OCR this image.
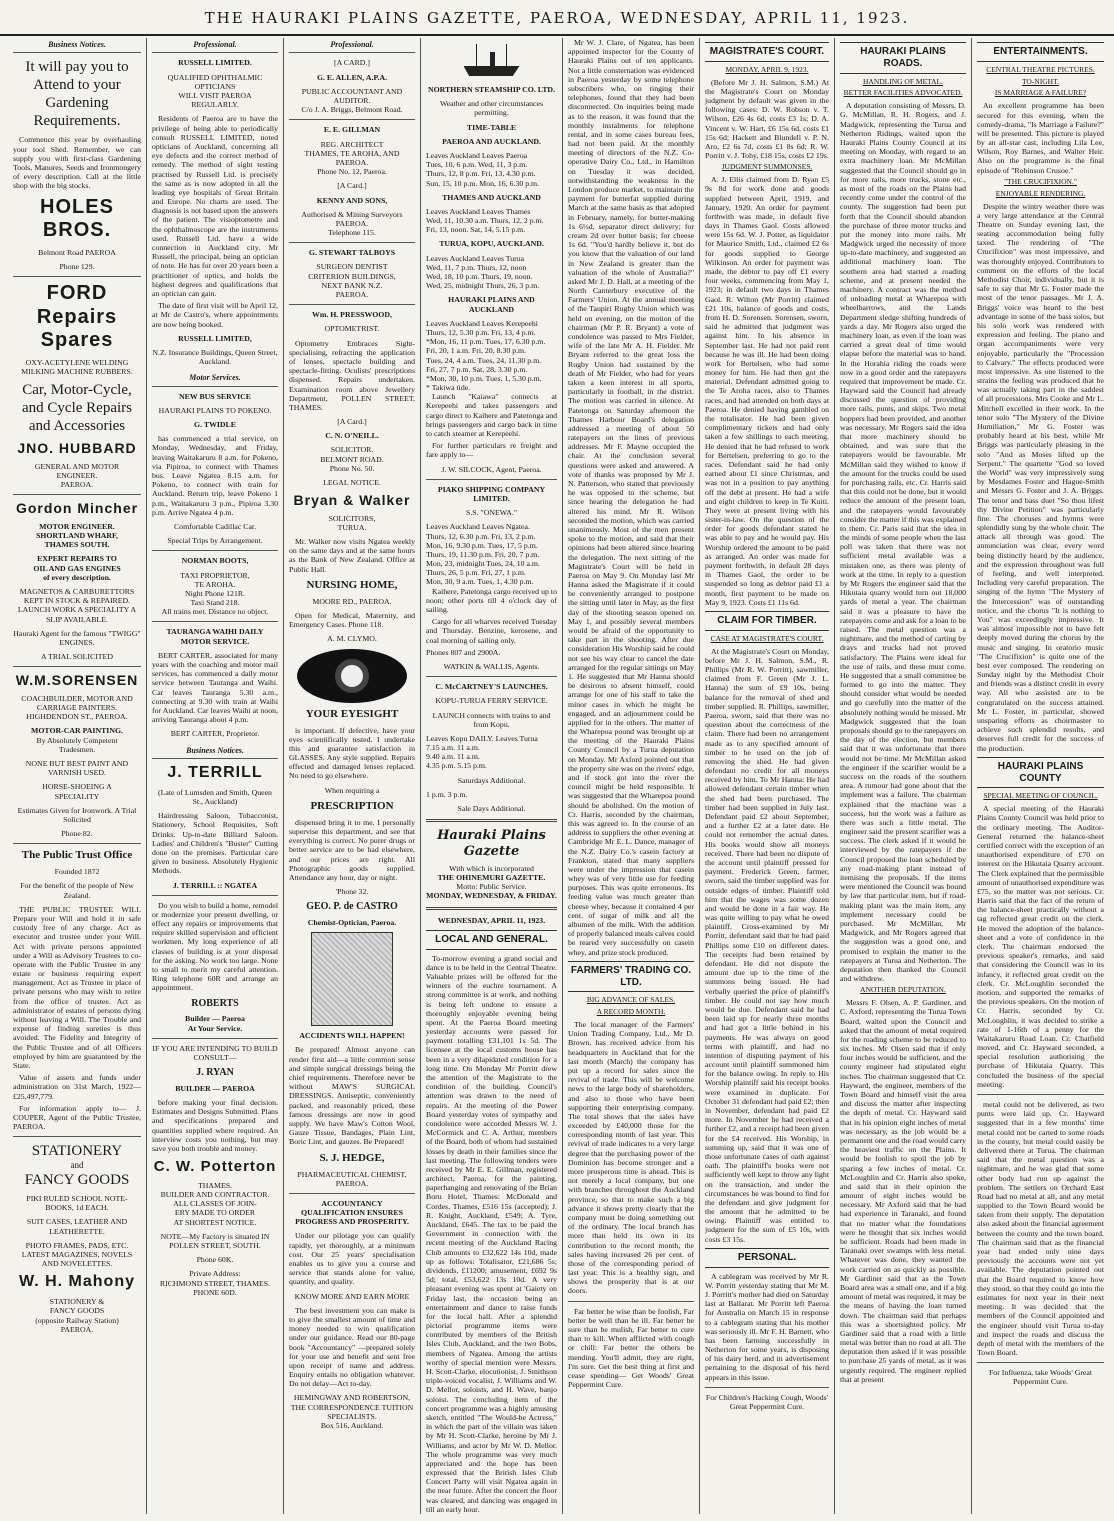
THE HAURAKI PLAINS GAZETTE, PAEROA, WEDNESDAY, APRIL 11, 1923.
Business Notices.
It will pay you to
Attend to your
Gardening
Requirements.

Commence this year by overhauling your tool Shed. Remember, we can supply you with first-class Gardening Tools, Manures, Seeds and Ironmongery of every description. Call at the little shop with the big stocks.

HOLES BROS.
Belmont Road PAEROA
Phone 129.
FORD Repairs Spares
OXY-ACETYLENE WELDING
MILKING MACHINE RUBBERS.
Car, Motor-Cycle,
and Cycle Repairs
and Accessories
JNO. HUBBARD
GENERAL AND MOTOR
ENGINEER.
PAEROA.
Gordon Mincher
MOTOR ENGINEER.
SHORTLAND WHARF,
THAMES SOUTH.
EXPERT REPAIRS TO
OIL AND GAS ENGINES
of every description.
MAGNETOS & CARBURETTORS KEPT IN STOCK & REPAIRED. LAUNCH WORK A SPECIALITY A SLIP AVAILABLE.
Hauraki Agent for the famous "TWIGG" ENGINES.
A TRIAL SOLICITED
W.M.SORENSEN
COACHBUILDER, MOTOR AND
CARRIAGE PAINTERS.
HIGHDENDON ST., PAEROA.
MOTOR-CAR PAINTING.
By Absolutely Competent
Tradesmen.
NONE BUT BEST PAINT AND
VARNISH USED.
HORSE-SHOEING A
SPECIALITY
Estimates Given for Ironwork. A Trial Solicited
Phone 82.
The Public Trust Office
Founded 1872
For the benefit of the people of New Zealand.

THE PUBLIC TRUSTEE WILL Prepare your Will and hold it in safe custody free of any charge. Act as executor and trustee under your Will. Act with private persons appointed under a Will as Advisory Trustees to co-operate with the Public Trustee in any estate or business requiring expert management. Act as Trustee in place of private persons who may wish to retire from the office of trustee. Act as administrator of estates of persons dying without leaving a Will. The Trouble and expense of finding sureties is thus avoided. The Fidelity and Integrity of the Public Trustee and of all Officers employed by him are guaranteed by the State.

Value of assets and funds under administration on 31st March, 1922— £25,497,779.

For information apply to— J. COUPER, Agent of the Public Trustee, PAEROA.

STATIONERY
and
FANCY GOODS
PIKI RULED SCHOOL NOTE-
BOOKS, 1d EACH.
SUIT CASES, LEATHER AND
LEATHERETTE.
PHOTO FRAMES, PADS, ETC.
LATEST MAGAZINES, NOVELS
AND NOVELETTES.
W. H. Mahony
STATIONERY &
FANCY GOODS
(opposite Railway Station)
PAEROA.
Professional.
RUSSELL LIMITED.
QUALIFIED OPHTHALMIC
OPTICIANS
WILL VISIT PAEROA
REGULARLY.

Residents of Paeroa are to have the privilege of being able to periodically consult RUSSELL LIMITED, noted opticians of Auckland, concerning all eye defects and the correct method of remedy. The method of sight testing practised by Russell Ltd. is precisely the same as is now adopted in all the leading eye hospitals of Great Britain and Europe. No charts are used. The diagnosis is not based upon the answers of the patient. The visioptometre and the ophthalmoscope are the instruments used. Russell Ltd. have a wide connection in Auckland city. Mr Russell, the principal, being an optician of note. He has for over 20 years been a practitioner of optics, and holds the highest degrees and qualifications that an optician can gain.

The date of first visit will be April 12, at Mr de Castro's, where appointments are now being booked.

RUSSELL LIMITED,
N.Z. Insurance Buildings, Queen Street, Auckland.
Motor Services.
NEW BUS SERVICE
HAURAKI PLAINS TO POKENO.
G. TWIDLE

has commenced a trial service, on Monday, Wednesday, and Friday, leaving Waitakaruru 8 a.m. for Pokeno, via Pipiroa, to connect with Thames bus. Leave Ngatea 8.15 a.m. for Pokeno, to connect with train for Auckland. Return trip, leave Pokeno 1 p.m., Waitakaruru 3 p.m., Pipiroa 3.30 p.m. Arrive Ngatea 4 p.m.

Comfortable Cadillac Car.
Special Trips by Arrangement.
NORMAN BOOTS,
TAXI PROPRIETOR,
TE AROHA.
Night Phone 121R.
Taxi Stand 218.
All trains met. Distance no object.
TAURANGA WAIHI DAILY MOTOR SERVICE.

BERT CARTER, associated for many years with the coaching and motor mail services, has commenced a daily motor service between Tauranga and Waihi. Car leaves Tauranga 5.30 a.m., connecting at 9.30 with train at Waihi for Auckland. Car leaves Waihi at noon, arriving Tauranga about 4 p.m.

BERT CARTER, Proprietor.
Business Notices.
J. TERRILL
(Late of Lumsden and Smith, Queen St., Auckland)

Hairdressing Saloon, Tobacconist, Stationery, School Requisites, Soft Drinks. Up-to-date Billiard Saloon. Ladies' and Children's "Buster" Cutting done on the premises. Particular care given to business. Absolutely Hygienic Methods.

J. TERRILL :: NGATEA

Do you wish to build a home, remodel or modernize your present dwelling, or effect any repairs or improvements that require skilled supervision and efficient workmen. My long experience of all classes of building is at your disposal for the asking. No work too large. None to small to merit my careful attention. Ring telephone 60R and arrange an appointment.

ROBERTS
Builder — Paeroa
At Your Service.
IF YOU ARE INTENDING TO BUILD CONSULT—
J. RYAN
BUILDER — PAEROA

before making your final decision. Estimates and Designs Submitted. Plans and specifications prepared and quantities supplied where required. An interview costs you nothing, but may save you both trouble and money.

C. W. Potterton
THAMES.
BUILDER AND CONTRACTOR.
ALL CLASSES OF JOIN-
ERY MADE TO ORDER
AT SHORTEST NOTICE.
NOTE—My Factory is situated IN POLLEN STREET, SOUTH.
Phone 60K.
Private Address:
RICHMOND STREET, THAMES.
PHONE 60D.
Professional.
[A CARD.]
G. E. ALLEN, A.P.A.
PUBLIC ACCOUNTANT AND
AUDITOR.
C/o J. A. Briggs, Belmont Road.
E. E. GILLMAN
REG. ARCHITECT
THAMES, TE AROHA, AND
PAEROA.
Phone No. 12, Paeroa.
[A Card.]
KENNY AND SONS,
Authorised & Mining Surveyors
PAEROA.
Telephone 115.
G. STEWART TALBOYS
SURGEON DENTIST
CRITERION BUILDINGS,
NEXT BANK N.Z.
PAEROA.
Wm. H. PRESSWOOD,
OPTOMETRIST.

Optometry Embraces Sight-specialising, refracting the application of lenses, spectacle building and spectacle-fitting. Oculists' prescriptions dispensed. Repairs undertaken. Examination room above Jewellery Department, POLLEN STREET, THAMES.

[A Card.]
C. N. O'NEILL.
SOLICITOR.
BELMONT ROAD.
Phone No. 50.
LEGAL NOTICE.
Bryan & Walker
SOLICITORS,
TURUA.

Mr. Walker now visits Ngatea weekly on the same days and at the same hours as the Bank of New Zealand. Office at Public Hall.

NURSING HOME,
MOORE RD., PAEROA.

Open for Medical, Maternity, and Emergency Cases. Phone 118.

A. M. CLYMO.
YOUR EYESIGHT

is important. If defective, have your eyes scientifically tested. I undertake this and guarantee satisfaction in GLASSES. Any style supplied. Repairs effected and damaged lenses replaced. No need to go elsewhere.

When requiring a
PRESCRIPTION

dispensed bring it to me. I personally supervise this department, and see that everything is correct. No purer drugs or better service are to be had elsewhere, and our prices are right. All Photographic goods supplied. Attendance any hour, day or night.

'Phone 32.
GEO. P. de CASTRO
Chemist-Optician, Paeroa.
ACCIDENTS WILL HAPPEN!

Be prepared! Almost anyone can render first aid—a little common sense and simple surgical dressings being the chief requirements. Therefore never be without MAW'S SURGICAL DRESSINGS. Antiseptic, conveniently packed, and reasonably priced, these famous dressings are now in good supply. We have Maw's Cotton Wool, Gauze Tissue, Bandages, Plain Lint, Boric Lint, and gauzes. Be Prepared!

S. J. HEDGE,
PHARMACEUTICAL CHEMIST,
PAEROA.
ACCOUNTANCY QUALIFICATION ENSURES PROGRESS AND PROSPERITY.

Under our pilotage you can qualify rapidly, yet thoroughly, at a minimum cost. Our 25 years' specialisation enables us to give you a course and service that stands alone for value, quantity, and quality.

KNOW MORE AND EARN MORE

The best investment you can make is to give the smallest amount of time and money needed to win qualification under our guidance. Read our 80-page book "Accountancy" —prepared solely for your use and benefit and sent free upon receipt of name and address. Enquiry entails no obligation whatever. Do not delay—Act to-day.

HEMINGWAY AND ROBERTSON,
THE CORRESPONDENCE TUITION
SPECIALISTS.
Box 516, Auckland.
NORTHERN STEAMSHIP CO. LTD.
Weather and other circumstances permitting.
TIME-TABLE
PAEROA AND AUCKLAND.
Leaves Auckland Leaves Paeroa
Tues, 10, 6 p.m. Wed, 11, 3 p.m.
Thurs, 12, 8 p.m. Fri, 13, 4.30 p.m.
Sun, 15, 10 p.m. Mon, 16, 6.30 p.m.
THAMES AND AUCKLAND
Leaves Auckland Leaves Thames
Wed, 11, 10.30 a.m. Thurs, 12, 2 p.m.
Fri, 13, noon. Sat, 14, 5.15 p.m.
TURUA, KOPU, AUCKLAND.
Leaves Auckland Leaves Turua
Wed, 11, 7 p.m. Thurs, 12, noon
Wed, 18, 10 p.m. Thurs, 19, noon.
Wed, 25, midnight Thurs, 26, 3 p.m.
HAURAKI PLAINS AND AUCKLAND
Leaves Auckland Leaves Kerepeehi
Thurs, 12, 5.30 p.m. Fri, 13, 4 p.m.
*Mon, 16, 11 p.m. Tues, 17, 6.30 p.m.
Fri, 20, 1 a.m. Fri, 20, 8.30 p.m.
Tues, 24, 4 a.m. Tues, 24, 11.30 p.m.
Fri, 27, 7 p.m. Sat, 28, 3.30 p.m.
*Mon, 30, 10 p.m. Tues, 1, 5.30 p.m.
* Takiwa tide.

Launch "Kaiawa" connects at Kerepeehi and takes passengers and cargo direct to Kaihere and Patetonga and brings passengers and cargo back in time to catch steamer at Kerepeehi.

For further particulars re freight and fare apply to—

J. W. SILCOCK, Agent, Paeroa.
PIAKO SHIPPING COMPANY LIMITED.
S.S. "ONEWA."
Leaves Auckland Leaves Ngatea.
Thurs, 12, 6.30 p.m. Fri, 13, 2 p.m.
Mon, 16, 9.30 p.m. Tues, 17, 5 p.m.
Thurs, 19, 11.30 p.m. Fri, 20, 7 p.m.
Mon, 23, midnight Tues, 24, 10 a.m.
Thurs, 26, 5 p.m. Fri, 27, 1 p.m.
Mon, 30, 9 a.m. Tues, 1, 4.30 p.m.

Kaihere, Patetonga cargo received up to noon; other ports till 4 o'clock day of sailing.

Cargo for all wharves received Tuesday and Thursday. Benzine, kerosene, and coal morning of sailing only.

Phones 807 and 2900A.
WATKIN & WALLIS, Agents.
C. McCARTNEY'S LAUNCHES.
KOPU-TURUA FERRY SERVICE.
LAUNCH connects with trains to and from Kopu.
Leaves Kopu DAILY. Leaves Turua
7.15 a.m. 11 a.m.
9.40 a.m. 11 a.m.
4.35 p.m. 5.15 p.m.
Saturdays Additional.
1 p.m. 3 p.m.
Sale Days Additional.
Hauraki Plains Gazette
With which is incorporated
THE OHINEMURI GAZETTE.
Motto: Public Service.
MONDAY, WEDNESDAY, & FRIDAY.
WEDNESDAY, APRIL 11, 1923.
LOCAL AND GENERAL.

To-morrow evening a grand social and dance is to be held in the Central Theatre. Valuable prizes will be offered for the winners of the euchre tournament. A strong committee is at work, and nothing is being left undone to ensure a thoroughly enjoyable evening being spent. At the Paeroa Board meeting yesterday accounts were passed for payment totalling £31,101 1s 5d. The licensee at the local customs house has been in a very dilapidated condition for a long time. On Monday Mr Porritt drew the attention of the Magistrate to the condition of the building. Council's attention was drawn to the need of repairs. At the meeting of the Power Board yesterday votes of sympathy and condolence were accorded Messrs W. J. McCormick and C. A. Arthur, members of the Board, both of whom had sustained losses by death in their families since the last meeting. The following tenders were received by Mr E. E. Gillman, registered architect, Paeroa, for the painting, paperhanging and renovating of the Brian Boru Hotel, Thames: McDonald and Cordes, Thames, £516 15s (accepted); J. R. Knight, Auckland, £549; A. Tyre, Auckland, £645. The tax to be paid the Government in connection with the recent meeting of the Auckland Racing Club amounts to £32,622 14s 10d, made up as follows: Totalisator, £21,686 5s; dividends, £11200; amusement, £692 9s 5d; total, £53,622 13s 10d. A very pleasant evening was spent at 'Gaiety on Friday last, the occasion being an entertainment and dance to raise funds for the local hall. After a splendid pictorial programme items were contributed by members of the British Isles Club, Auckland, and the two Bobs, members of Ngatea. Among the artists worthy of special mention were Messrs. H. Scott-Clarke, elocutionist, J. Smithson triple-voiced vocalist, J. Williams and W. D. Mellor, soloists, and H. Wave, banjo soloist. The concluding item of the concert programme was a highly amusing sketch, entitled "The Would-be Actress," in which the part of the villain was taken by Mr H. Scott-Clarke, heroine by Mr J. Williams, and actor by Mr W. D. Mellor. The whole programme was very much appreciated and the hope has been expressed that the British Isles Club Concert Party will visit Ngatea again in the near future. After the concert the floor was cleared, and dancing was engaged in till an early hour.

Mr W. J. Clare, of Ngatea, has been appointed inspector for the County of Hauraki Plains out of ten applicants. Not a little consternation was evidenced in Paeroa yesterday by some telephone subscribers who, on ringing their telephones, found that they had been disconnected. On inquiries being made as to the reason, it was found that the monthly instalments for telephone rental, and in some cases bureau fees, had not been paid. At the monthly meeting of directors of the N.Z. Co-operative Dairy Co., Ltd., in Hamilton on Tuesday it was decided, notwithstanding the weakness in the London produce market, to maintain the payment for butterfat supplied during March at the same basis as that adopted in February, namely, for butter-making 1s 6½d, separator direct delivery; for cream 2d over butter basis; for cheese 1s 6d. "You'd hardly believe it, but do you know that the valuation of our land in New Zealand is greater than the valuation of the whole of Australia?" asked Mr J. D. Hall, at a meeting of the North Canterbury executive of the Farmers' Union. At the annual meeting of the Taupiri Rugby Union which was held on evening, on the motion of the chairman (Mr P. R. Bryant) a vote of condolence was passed to Mrs Fielder, wife of the late Mr A. H. Fielder. Mr Bryant referred to the great loss the Rugby Union had sustained by the death of Mr Fielder, who had for years taken a keen interest in all sports, particularly in football, in the district. The motion was carried in silence. At Patetonga on Saturday afternoon the Thames Harbour Board's delegation addressed a meeting of about 50 ratepayers on the lines of previous addresses. Mr F. Mayne occupied the chair. At the conclusion several questions were asked and answered. A vote of thanks was proposed by Mr J. N. Patterson, who stated that previously he was opposed to the scheme, but since hearing the delegation he had altered his mind. Mr R. Wilson seconded the motion, which was carried unanimously. Most of the men present spoke to the motion, and said that their opinions had been altered since hearing the delegation. The next sitting of the Magistrate's Court will be held in Paeroa on May 9. On Monday last Mr Hanna asked the Magistrate if it could be conveniently arranged to postpone the sitting until later in May, as the first day of the shooting season opened on May 1, and possibly several members would be afraid of the opportunity to take part in the shooting. After due consideration His Worship said he could not see his way clear to cancel the date arranged for the regular sittings on May 1. He suggested that Mr Hanna should be desirous to absent himself, could arrange for one of his staff to take the minor cases in which he might be engaged, and an adjournment could be applied for in the others. The matter of the Wharepoa pound was brought up at the meeting of the Hauraki Plains County Council by a Turua deputation on Monday. Mr Axford pointed out that the property site was on the rivers' edge, and if stock got into the river the council might be held responsible. It was suggested that the Wharepoa pound should be abolished. On the motion of Cr. Harris, seconded by the chairman, this was agreed to. In the course of an address to suppliers the other evening at Cambridge Mr E. L. Dance, manager of the N.Z. Dairy Co.'s casein factory at Frankton, stated that many suppliers were under the impression that casein whey was of very little use for feeding purposes. This was quite erroneous. Its feeding value was much greater than cheese whey, because it contained 4 per cent. of sugar of milk and all the albumen of the milk. With the addition of properly balanced meals calves could be reared very successfully on casein whey, and prize stock produced.

FARMERS' TRADING CO. LTD.
BIG ADVANCE OF SALES.
A RECORD MONTH.

The local manager of the Farmers' Union Trading Company, Ltd., Mr D. Brown, has received advice from his headquarters in Auckland that for the last month (March) the company has put up a record for sales since the revival of trade. This will be welcome news to the large body of shareholders, and also to those who have been supporting their enterprising company. The total shows that the sales have exceeded by £40,000 those for the corresponding month of last year. This revival of trade indicates to a very large degree that the purchasing power of the Dominion has become stronger and a more prosperous time is ahead. This is not merely a local company, but one with branches throughout the Auckland province, so that to make such a big advance it shows pretty clearly that the company must be doing something out of the ordinary. The local branch has more than held its own in its contribution to the record month, the sales having increased 26 per cent. of those of the corresponding period of last year. This is a healthy sign, and shows the prosperity that is at our doors.

Far better be wise than be foolish, Far better be well than be ill. Far better be sure than be mulish, Far better to cure than to kill. When afflicted with cough or chill: Far better the others be mending. You'll admit, they are right, I'm sure. Get the best thing at first and cease spending— Get Woods' Great Peppermint Cure.

MAGISTRATE'S COURT.
MONDAY, APRIL 9, 1923.

(Before Mr J. H. Salmon, S.M.) At the Magistrate's Court on Monday judgment by default was given in the following cases: D. W. Robson v. T. Wilson, £26 4s 6d, costs £3 1s; D. A. Vincent v. W. Hart, £6 15s 6d, costs £1 15s 6d; Hackett and Blundell v. P. N. Aro, £2 6s 7d, costs £1 8s 6d; R. W. Porritt v. J. Tohy, £18 15s, costs £2 19s.

JUDGMENT SUMMONSES.

A. J. Ellis claimed from D. Ryan £5 9s 8d for work done and goods supplied between April, 1919, and January, 1920. An order for payment forthwith was made, in default five days in Thames Gaol. Costs allowed were 15s 6d. W. J. Potter, as liquidator for Maurice Smith, Ltd., claimed £2 6s for goods supplied to George Wilkinson. An order for payment was made, the debtor to pay off £1 every four weeks, commencing from May 1, 1923; in default two days in Thames Gaol. R. Wilton (Mr Porritt) claimed £21 10s, balance of goods and costs, from H. D. Sorensen. Sorensen, sworn, said he admitted that judgment was against him. In his absence in September last. He had not paid rent because he was ill. He had been doing work for Bertelsen, who had some money for him. He had then got the material. Defendant admitted going to the Te Aroha races, also to Thames races, and had attended on both days at Paeroa. He denied having gambled on the totalisator. He had been given complimentary tickets and had only taken a few shillings to each meeting. He denied that he had refused to work for Bertelsen, preferring to go to the races. Defendant said he had only earned about £1 since Christmas, and was not in a position to pay anything off the debt at present. He had a wife and eight children to keep in Te Kuiti. They were at present living with his sister-in-law. On the question of the order for goods defendant stated he was able to pay and he would pay. His Worship ordered the amount to be paid as arranged. An order was made for payment forthwith, in default 28 days in Thames Gaol, the order to be suspended so long as debtor paid £1 a month, first payment to be made on May 9, 1923. Costs £1 11s 6d.

CLAIM FOR TIMBER.
CASE AT MAGISTRATE'S COURT.

At the Magistrate's Court on Monday, before Mr J. H. Salmon, S.M., R. Phillips (Mr R. W. Porritt), sawmiller, claimed from F. Green (Mr J. L. Hanna) the sum of £9 10s, being balance for the removal of shed and timber supplied. R. Phillips, sawmiller, Paeroa, sworn, said that there was no question about the correctness of the claim. There had been no arrangement made as to any specified amount of timber to be used on the job of removing the shed. He had given defendant no credit for all moneys received by him. To Mr Hanna: He had allowed defendant certain timber when the shed had been purchased. The timber had been supplied in July last. Defendant paid £2 about September, and a further £2 at a later date. He could not remember the actual dates. His books would show all moneys received. There had been no dispute of the account until plaintiff pressed for payment. Frederick Green, farmer, sworn, said the timber supplied was for outside edges of timber. Plaintiff told him that the wages was some dozen and would be done in a fair way. He was quite willing to pay what he owed plaintiff. Cross-examined by Mr Porritt, defendant said that he had paid Phillips some £10 on different dates. The receipts had been retained by defendant. He did not dispute the amount due up to the time of the summons being issued. He had verbally queried the price of plaintiff's timber. He could not say how much would be due. Defendant said he had been laid up for nearly three months and had got a little behind in his payments. He was always on good terms with plaintiff, and had no intention of disputing payment of his account until plaintiff summoned him for the balance owing. In reply to His Worship plaintiff said his receipt books were examined in duplicate. For October 31 defendant had paid £2; then in November, defendant had paid £2 more. In November he had received a further £2, and a receipt had been given for the £4 received. His Worship, in summing up, said that it was one of those unfortunate cases of oath against oath. The plaintiff's books were not sufficiently well kept to throw any light on the transaction, and under the circumstances he was bound to find for the defendant and give judgment for the amount that he admitted to be owing. Plaintiff was entitled to judgment for the sum of £5 10s, with costs £3 15s.

PERSONAL.

A cablegram was received by Mr R. W. Porritt yesterday stating that Mr M. J. Porritt's mother had died on Saturday last at Ballarat. Mr Porritt left Paeroa for Australia on March 15 in response to a cablegram stating that his mother was seriously ill. Mr F. H. Barnett, who has been farming successfully in Netherton for some years, is disposing of his dairy herd, and in advertisement pertaining to the disposal of his herd appears in this issue.

For Children's Hacking Cough, Woods' Great Peppermint Cure.
HAURAKI PLAINS ROADS.
HANDLING OF METAL.
BETTER FACILITIES ADVOCATED.

A deputation consisting of Messrs. D. G. McMillan, R. H. Rogers, and J. Madgwick, representing the Turua and Netherton Ridings, waited upon the Hauraki Plains County Council at its meeting on Monday, with regard to an extra machinery loan. Mr McMillan suggested that the Council should go in for more rails, more trucks, stone etc., as most of the roads on the Plains had recently come under the control of the county. The suggestion had been put forth that the Council should abandon the purchase of three motor trucks and put the money into more rails. Mr Madgwick urged the necessity of more up-to-date machinery, and suggested an additional machinery loan. The southern area had started a roading scheme, and at present needed the machinery. A contract was the method of unloading metal at Wharepoa with wheelbarrows, and the Lands Department sledge shifting hundreds of yards a day. Mr Rogers also urged the machinery loan, as even if the loan was carried a great deal of time would elapse before the material was to hand. In the Horahia riding the roads were now in a good order and the ratepayers required that improvement be made. Cr. Hayward said the Council had already discussed the question of providing more rails, punts, and skips. Two metal hoppers had been provided, and another was necessary. Mr Rogers said the idea that more machinery should be obtained, and was sure that the ratepayers would be favourable. Mr McMillan said they wished to know if the amount for the trucks could be used for purchasing rails, etc. Cr. Harris said that this could not be done, but it would reduce the amount of the present loan, and the ratepayers would favourably consider the matter if this was explained to them. Cr. Paris said that the idea in the minds of some people when the last poll was taken that there was not sufficient metal available was a mistaken one, as there was plenty of work at the time. In reply to a question by Mr Rogers the engineer said that the Hikutaia quarry would turn out 18,000 yards of metal a year. The chairman said it was a pleasure to have the ratepayers come and ask for a loan to be raised. The metal question was a nightmare, and the method of carting by drays and trucks had not proved satisfactory. The Plains were ideal for the use of rails, and these must come. He suggested that a small committee be formed to go into the matter. They should consider what would be needed and go carefully into the matter of the absolutely nothing would be missed. Mr Madgwick suggested that the loan proposals should go to the ratepayers on the day of the election, but members said that it was unfortunate that there would not be time. Mr McMillan asked the engineer if the scarifier would be a success on the roads of the southern area. A rumour had gone about that the implement was a failure. The chairman explained that the machine was a success, but the work was a failure as there was such a little metal. The engineer said the present scarifier was a success. The clerk asked if it would be interviewed by the ratepayers if the Council proposed the loan scheduled by any road-making plant instead of itemising the proposals. If the items were mentioned the Council was bound by law that particular item, but if road-making plant was the main item, any implement necessary could be purchased. Mr McMillan, Mr Madgwick, and Mr Rogers agreed that the suggestion was a good one, and promised to explain the matter to the ratepayers at Turua and Netherton. The deputation then thanked the Council and withdrew.

ANOTHER DEPUTATION.

Messrs F. Olsen, A. P. Gardiner, and C. Axford, representing the Turua Town Board, waited upon the Council and asked that the amount of metal required for the roading scheme to be reduced to six inches. Mr Olsen said that if only four inches would be sufficient, and the county engineer had stipulated eight inches. The chairman suggested that Cr. Hayward, the engineer, members of the Town Board and himself visit the area and discuss the matter after inspecting the depth of metal. Cr. Hayward said that in his opinion eight inches of metal was necessary, as the job would be a permanent one and the road would carry the heaviest traffic on the Plains. It would be foolish to spoil the job by sparing a few inches of metal. Cr. McLoughlin and Cr. Harris also spoke, and said that in their opinion the amount of eight inches would be necessary. Mr Axford said that he had had experience in Taranaki, and found that no matter what the foundations were he thought that six inches would be sufficient. Roads had been made in Taranaki over swamps with less metal. Whatever was done, they wanted the work carried on as quickly as possible. Mr Gardiner said that as the Town Board area was a small one, and if a big amount of metal was required, it may be the means of having the loan turned down. The chairman said that perhaps this was a shortsighted policy. Mr Gardiner said that a road with a little metal was better than no road at all. The deputation then asked if it was possible to purchase 25 yards of metal, as it was urgently required. The engineer replied that at present

ENTERTAINMENTS.
CENTRAL THEATRE PICTURES.
TO-NIGHT.
IS MARRIAGE A FAILURE?

An excellent programme has been secured for this evening, when the comedy-drama, "Is Marriage a Failure?" will be presented. This picture is played by an all-star cast, including Lila Lee, Wilson, Roy Barnes, and Walter Heir. Also on the programme is the final episode of "Robinson Crusoe."

"THE CRUCIFIXION."
ENJOYABLE RENDERING.

Despite the wintry weather there was a very large attendance at the Central Theatre on Sunday evening last, the seating accommodation being fully taxed. The rendering of "The Crucifixion" was most impressive, and was thoroughly enjoyed. Contributors to comment on the efforts of the local Methodist Choir, individually, but it is safe to say that Mr G. Foster made the most of the tenor passages. Mr J. A. Briggs' voice was heard to the best advantage in some of the bass solos, but his solo work was rendered with expression and feeling. The piano and organ accompaniments were very enjoyable, particularly the "Procession to Calvary." The effects produced were most impressive. As one listened to the strains the feeling was produced that he was actually taking part in the saddest of all processions. Mrs Cooke and Mr L. Mitchell excelled in their work. In the tenor solo "The Mystery of the Divine Humiliation," Mr G. Foster was probably heard at his best, while Mr Briggs was particularly pleasing in the solo "And as Moses lifted up the Serpent." The quartette "God so loved the World" was very impressively sung by Mesdames Foster and Hague-Smith and Messrs G. Foster and J. A. Briggs. The tenor and bass duet "So thou lifest thy Divine Petition" was particularly fine. The choruses and hymns were splendidly sung by the whole choir. The attack all through was good. The annunciation was clear, every word being distinctly heard by the audience, and the expression throughout was full of feeling, and well interpreted. Including very careful preparation. The singing of the hymn "The Mystery of the Intercession" was of outstanding notice, and the chorus "It is nothing to You" was exceedingly impressive. It was almost impossible not to have felt deeply moved during the chorus by the music and singing. In oratorio music "The Crucifixion" is quite one of the best ever composed. The rendering on Sunday night by the Methodist Choir and friends was a distinct credit in every way. All who assisted are to be congratulated on the success attained. Mr L. Foster, in particular, showed unsparing efforts as choirmaster to achieve such splendid results, and deserves full credit for the success of the production.

HAURAKI PLAINS COUNTY
SPECIAL MEETING OF COUNCIL.

A special meeting of the Hauraki Plains County Council was held prior to the ordinary meeting. The Auditor-General returned the balance-sheet certified correct with the exception of an unauthorised expenditure of £70 on interest on the Hikutaia Quarry account. The Clerk explained that the permissible amount of unauthorised expenditure was £75, so the matter was not serious. Cr. Harris said that the fact of the return of the balance-sheet practically without a tag reflected great credit on the clerk. He moved the adoption of the balance-sheet and a vote of confidence in the clerk. The chairman endorsed the previous speaker's remarks, and said that considering the Council was in its infancy, it reflected great credit on the clerk. Cr. McLoughlin seconded the motion, and supported the remarks of the previous speakers. On the motion of Cr. Harris, seconded by Cr. McLoughlin, it was decided to strike a rate of 1-16th of a penny for the Waitakaruru Road Loan. Cr. Chatfield moved, and Cr. Hayward seconded, a special resolution authorising the purchase of Hikutaia Quarry. This concluded the business of the special meeting.

metal could not be delivered, as two punts were laid up. Cr. Hayward suggested that in a few months' time metal could not be carted to some roads in the county, but metal could easily be delivered there at Turua. The chairman said that the metal question was a nightmare, and he was glad that some other body had run up against the problem. The settlers on Orchard East Road had no metal at all, and any metal supplied to the Town Board would be taken from their supply. The deputation also asked about the financial agreement between the county and the town board. The chairman said that as the financial year had ended only nine days previously the accounts were not yet available. The deputation pointed out that the Board required to know how they stood, so that they could go into the estimates for next year in their next meeting. It was decided that the members of the Council appointed and the engineer should visit Turua to-day and inspect the roads and discuss the depth of metal with the members of the Town Board.

For Influenza, take Woods' Great Peppermint Cure.
